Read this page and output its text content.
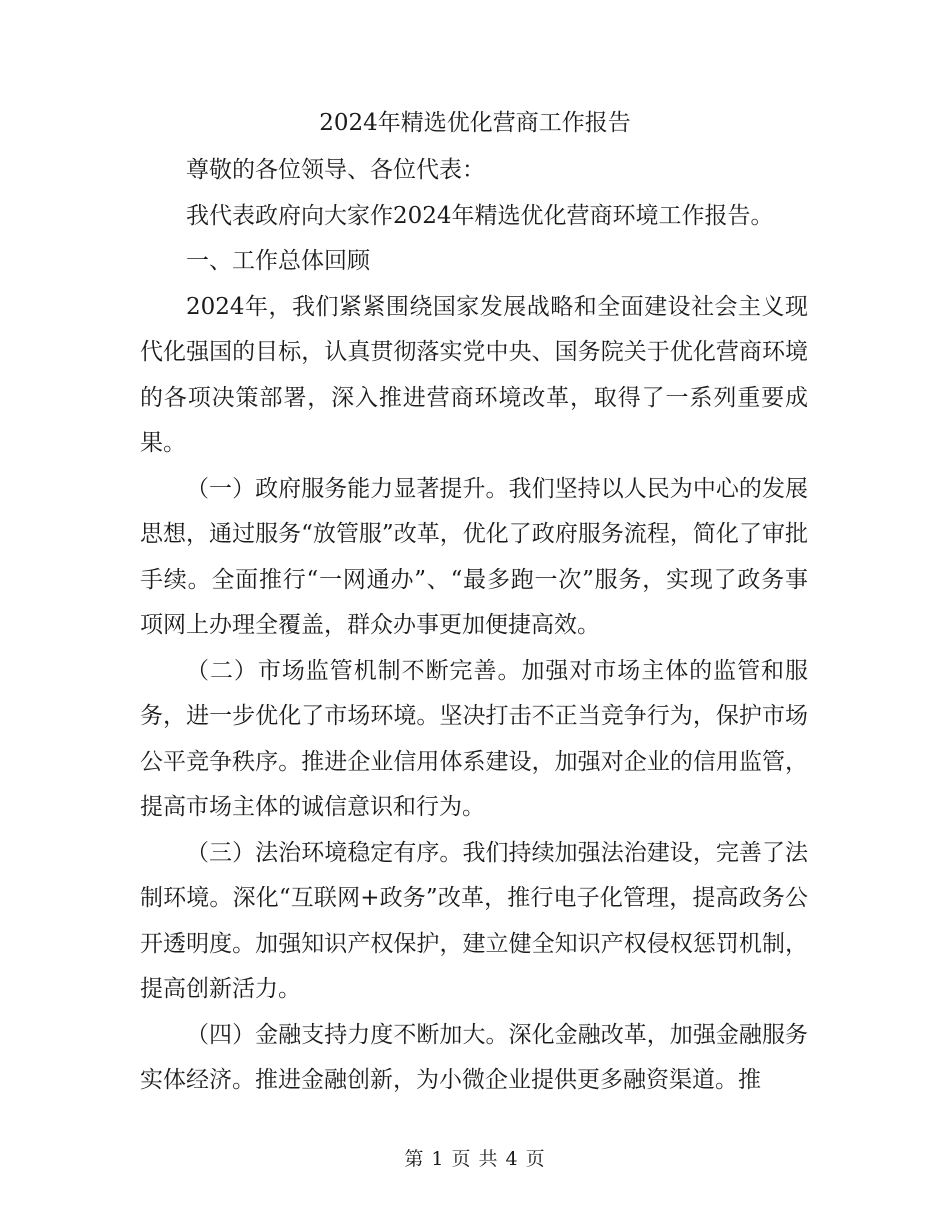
2024年精选优化营商工作报告

尊敬的各位领导、各位代表：

我代表政府向大家作2024年精选优化营商环境工作报告。

一、工作总体回顾

2024年，我们紧紧围绕国家发展战略和全面建设社会主义现代化强国的目标，认真贯彻落实党中央、国务院关于优化营商环境的各项决策部署，深入推进营商环境改革，取得了一系列重要成果。

（一）政府服务能力显著提升。我们坚持以人民为中心的发展思想，通过服务“放管服”改革，优化了政府服务流程，简化了审批手续。全面推行“一网通办”、“最多跑一次”服务，实现了政务事项网上办理全覆盖，群众办事更加便捷高效。

（二）市场监管机制不断完善。加强对市场主体的监管和服务，进一步优化了市场环境。坚决打击不正当竞争行为，保护市场公平竞争秩序。推进企业信用体系建设，加强对企业的信用监管，提高市场主体的诚信意识和行为。

（三）法治环境稳定有序。我们持续加强法治建设，完善了法制环境。深化“互联网+政务”改革，推行电子化管理，提高政务公开透明度。加强知识产权保护，建立健全知识产权侵权惩罚机制，提高创新活力。

（四）金融支持力度不断加大。深化金融改革，加强金融服务实体经济。推进金融创新，为小微企业提供更多融资渠道。推

第 1 页 共 4 页
